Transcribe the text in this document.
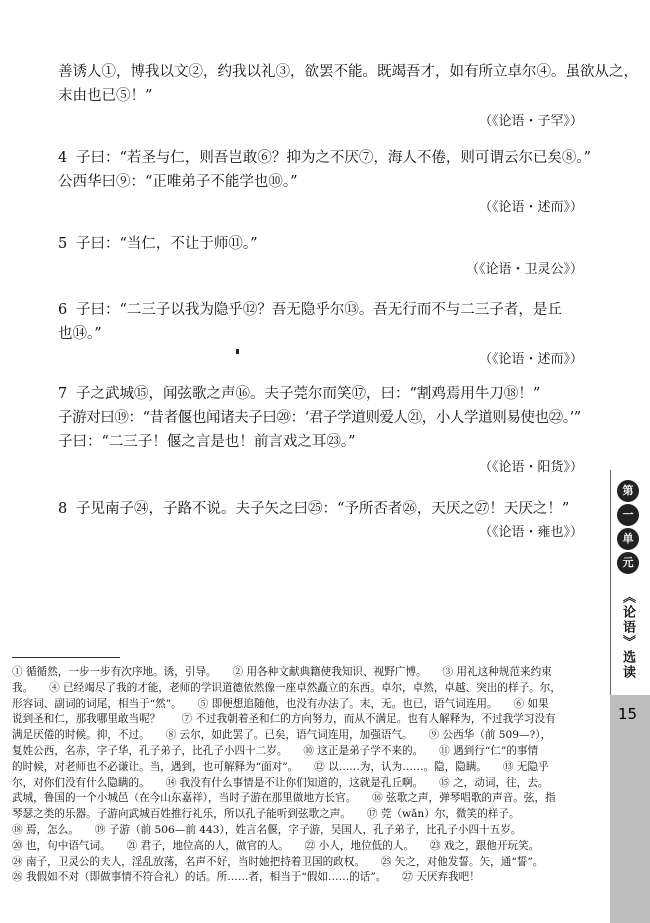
善诱人①，博我以文②，约我以礼③，欲罢不能。既竭吾才，如有所立卓尔④。虽欲从之，

末由也已⑤！”

（《论语・子罕》）

4 子曰：“若圣与仁，则吾岂敢⑥？抑为之不厌⑦，海人不倦，则可谓云尔已矣⑧。”

公西华曰⑨：“正唯弟子不能学也⑩。”

（《论语・述而》）

5 子曰：“当仁，不让于师⑪。”

（《论语・卫灵公》）

6 子曰：“二三子以我为隐乎⑫？吾无隐乎尔⑬。吾无行而不与二三子者，是丘

也⑭。”

（《论语・述而》）

7 子之武城⑮，闻弦歌之声⑯。夫子莞尔而笑⑰，曰：“割鸡焉用牛刀⑱！”

子游对曰⑲：“昔者偃也闻诸夫子曰⑳：‘君子学道则爱人㉑，小人学道则易使也㉒。’”

子曰：“二三子！偃之言是也！前言戏之耳㉓。”

（《论语・阳货》）

8 子见南子㉔，子路不说。夫子矢之曰㉕：“予所否者㉖，天厌之㉗！天厌之！”

（《论语・雍也》）

① 循循然，一步一步有次序地。诱，引导。　　② 用各种文献典籍使我知识、视野广博。　　③ 用礼这种规范来约束

我。　　④ 已经竭尽了我的才能，老师的学识道德依然像一座卓然矗立的东西。卓尔，卓然，卓越、突出的样子。尔，

形容词、副词的词尾，相当于“然”。　　⑤ 即便想追随他，也没有办法了。末，无。也已，语气词连用。　　⑥ 如果

说到圣和仁，那我哪里敢当呢？　　⑦ 不过我朝着圣和仁的方向努力，而从不满足。也有人解释为，不过我学习没有

满足厌倦的时候。抑，不过。　　⑧ 云尔，如此罢了。已矣，语气词连用，加强语气。　　⑨ 公西华（前 509—?），

复姓公西，名赤，字子华，孔子弟子，比孔子小四十二岁。　　⑩ 这正是弟子学不来的。　　⑪ 遇到行“仁”的事情

的时候，对老师也不必谦让。当，遇到，也可解释为“面对”。　　⑫ 以……为，认为……。隐，隐瞒。　　⑬ 无隐乎

尔，对你们没有什么隐瞒的。　　⑭ 我没有什么事情是不让你们知道的，这就是孔丘啊。　　⑮ 之，动词，往，去。

武城，鲁国的一个小城邑（在今山东嘉祥），当时子游在那里做地方长官。　　⑯ 弦歌之声，弹琴唱歌的声音。弦，指

琴瑟之类的乐器。子游向武城百姓推行礼乐，所以孔子能听到弦歌之声。　　⑰ 莞（wǎn）尔，微笑的样子。

⑱ 焉，怎么。　　⑲ 子游（前 506—前 443），姓言名偃，字子游，吴国人，孔子弟子，比孔子小四十五岁。

⑳ 也，句中语气词。　　㉑ 君子，地位高的人，做官的人。　　㉒ 小人，地位低的人。　　㉓ 戏之，跟他开玩笑。

㉔ 南子，卫灵公的夫人，淫乱放荡，名声不好，当时她把持着卫国的政权。　　㉕ 矢之，对他发誓。矢，通“誓”。

㉖ 我假如不对（即做事情不符合礼）的话。所……者，相当于“假如……的话”。　　㉗ 天厌弃我吧！

第
一
单
元
《论语》选读
15
